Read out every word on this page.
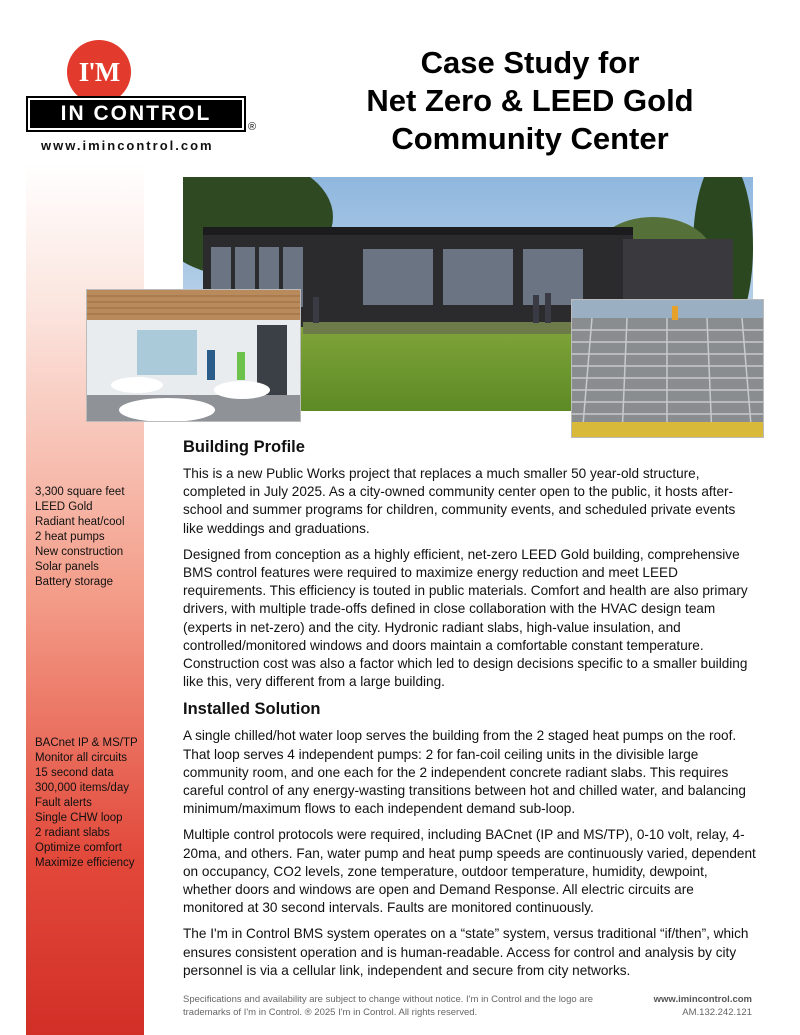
I'M
IN CONTROL
®
www.imincontrol.com
Case Study for
Net Zero & LEED Gold
Community Center
3,300 square feet
LEED Gold
Radiant heat/cool
2 heat pumps
New construction
Solar panels
Battery storage
BACnet IP & MS/TP
Monitor all circuits
15 second data
300,000 items/day
Fault alerts
Single CHW loop
2 radiant slabs
Optimize comfort
Maximize efficiency
Building Profile

This is a new Public Works project that replaces a much smaller 50 year-old structure, completed in July 2025. As a city-owned community center open to the public, it hosts after-school and summer programs for children, community events, and scheduled private events like weddings and graduations.

Designed from conception as a highly efficient, net-zero LEED Gold building, comprehensive BMS control features were required to maximize energy reduction and meet LEED requirements. This efficiency is touted in public materials. Comfort and health are also primary drivers, with multiple trade-offs defined in close collaboration with the HVAC design team (experts in net-zero) and the city. Hydronic radiant slabs, high-value insulation, and controlled/monitored windows and doors maintain a comfortable constant temperature. Construction cost was also a factor which led to design decisions specific to a smaller building like this, very different from a large building.

Installed Solution

A single chilled/hot water loop serves the building from the 2 staged heat pumps on the roof. That loop serves 4 independent pumps: 2 for fan-coil ceiling units in the divisible large community room, and one each for the 2 independent concrete radiant slabs. This requires careful control of any energy-wasting transitions between hot and chilled water, and balancing minimum/maximum flows to each independent demand sub-loop.

Multiple control protocols were required, including BACnet (IP and MS/TP), 0-10 volt, relay, 4-20ma, and others. Fan, water pump and heat pump speeds are continuously varied, dependent on occupancy, CO2 levels, zone temperature, outdoor temperature, humidity, dewpoint, whether doors and windows are open and Demand Response. All electric circuits are monitored at 30 second intervals. Faults are monitored continuously.

The I'm in Control BMS system operates on a “state” system, versus traditional “if/then”, which ensures consistent operation and is human-readable. Access for control and analysis by city personnel is via a cellular link, independent and secure from city networks.

Specifications and availability are subject to change without notice. I'm in Control and the logo are
trademarks of I'm in Control. ® 2025 I'm in Control. All rights reserved.
www.imincontrol.com
AM.132.242.121
